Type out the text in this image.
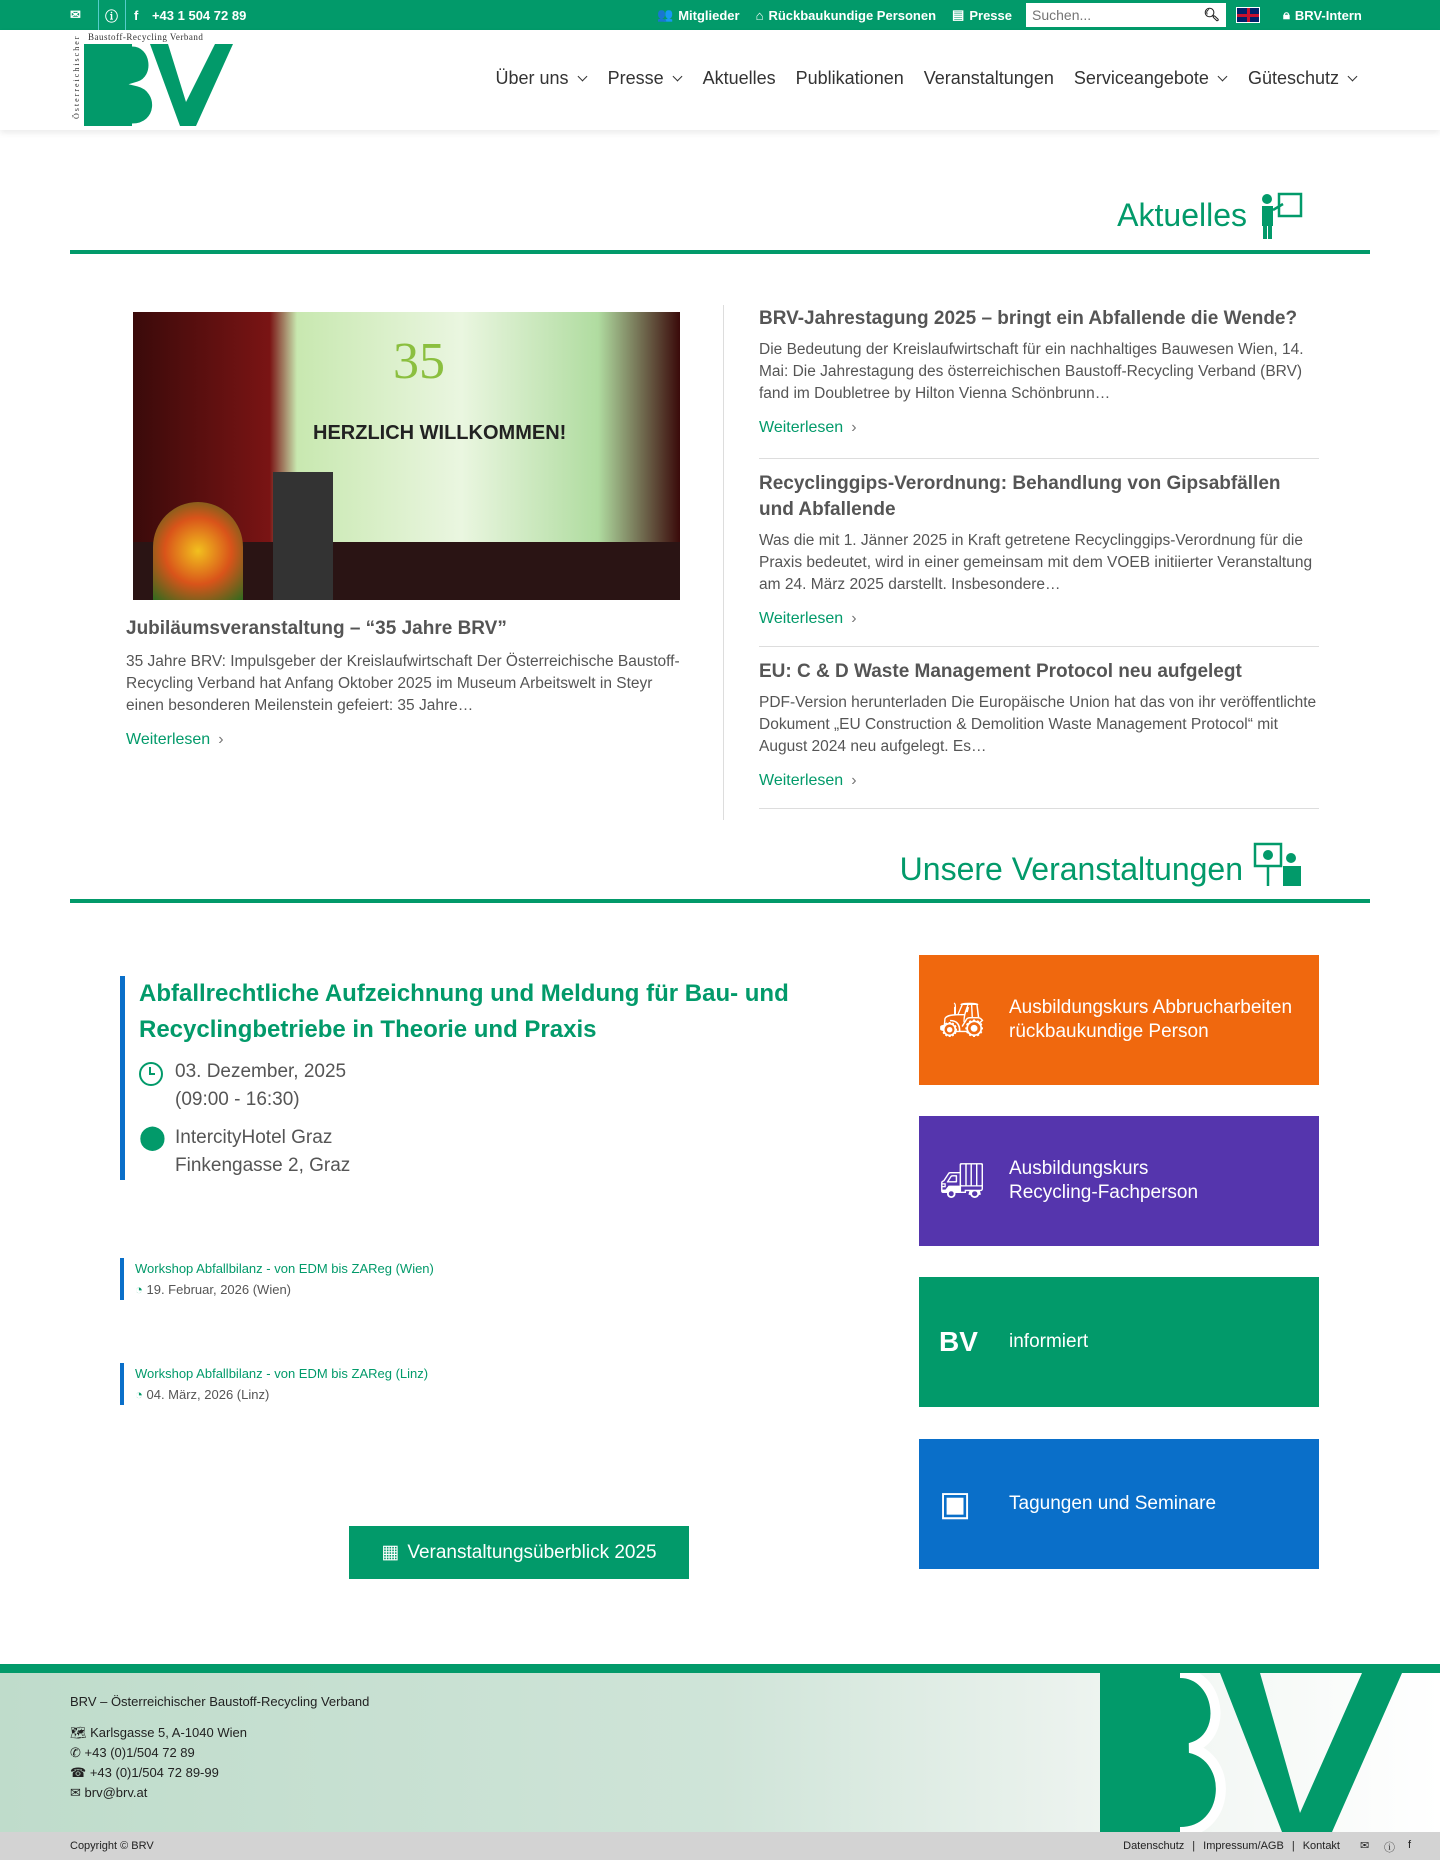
✉	ⓘ f
+43 1 504 72 89	👥 Mitglieder ⌂ Rückbaukundige Personen ▤ Presse
Suchen...	🔍︎	🔒︎ BRV-Intern
Baustoff-Recycling Verband
Österreichischer	Über uns Presse Aktuelles Publikationen Veranstaltungen Serviceangebote Güteschutz
Aktuelles
HERZLICH WILLKOMMEN!
35
Jubiläumsveranstaltung – “35 Jahre BRV”
35 Jahre BRV: Impulsgeber der Kreislaufwirtschaft Der Österreichische Baustoff-Recycling Verband hat Anfang Oktober 2025 im Museum Arbeitswelt in Steyr einen besonderen Meilenstein gefeiert: 35 Jahre…
Weiterlesen ›
BRV-Jahrestagung 2025 – bringt ein Abfallende die Wende?
Die Bedeutung der Kreislaufwirtschaft für ein nachhaltiges Bauwesen Wien, 14. Mai: Die Jahrestagung des österreichischen Baustoff-Recycling Verband (BRV) fand im Doubletree by Hilton Vienna Schönbrunn…
Weiterlesen ›
Recyclinggips-Verordnung: Behandlung von Gipsabfällen und Abfallende
Was die mit 1. Jänner 2025 in Kraft getretene Recyclinggips-Verordnung für die Praxis bedeutet, wird in einer gemeinsam mit dem VOEB initiierter Veranstaltung am 24. März 2025 darstellt. Insbesondere…
Weiterlesen ›
EU: C & D Waste Management Protocol neu aufgelegt
PDF-Version herunterladen Die Europäische Union hat das von ihr veröffentlichte Dokument „EU Construction & Demolition Waste Management Protocol“ mit August 2024 neu aufgelegt. Es…
Weiterlesen ›
Unsere Veranstaltungen
Abfallrechtliche Aufzeichnung und Meldung für Bau- und Recyclingbetriebe in Theorie und Praxis
03. Dezember, 2025
(09:00 - 16:30)
⬤ IntercityHotel Graz
Finkengasse 2, Graz
Workshop Abfallbilanz - von EDM bis ZAReg (Wien)
◔ 19. Februar, 2026 (Wien)
Workshop Abfallbilanz - von EDM bis ZAReg (Linz)
◔ 04. März, 2026 (Linz)
▦ Veranstaltungsüberblick 2025
🚜︎	Ausbildungskurs Abbrucharbeiten rückbaukundige Person
🚚︎	Ausbildungskurs Recycling-Fachperson
BV	informiert
▣	Tagungen und Seminare
BRV – Österreichischer Baustoff-Recycling Verband
🗺︎ Karlsgasse 5, A-1040 Wien
✆ +43 (0)1/504 72 89
☎ +43 (0)1/504 72 89-99
✉ brv@brv.at
Copyright © BRV	Datenschutz | Impressum/AGB | Kontakt ✉ ⓘ f
